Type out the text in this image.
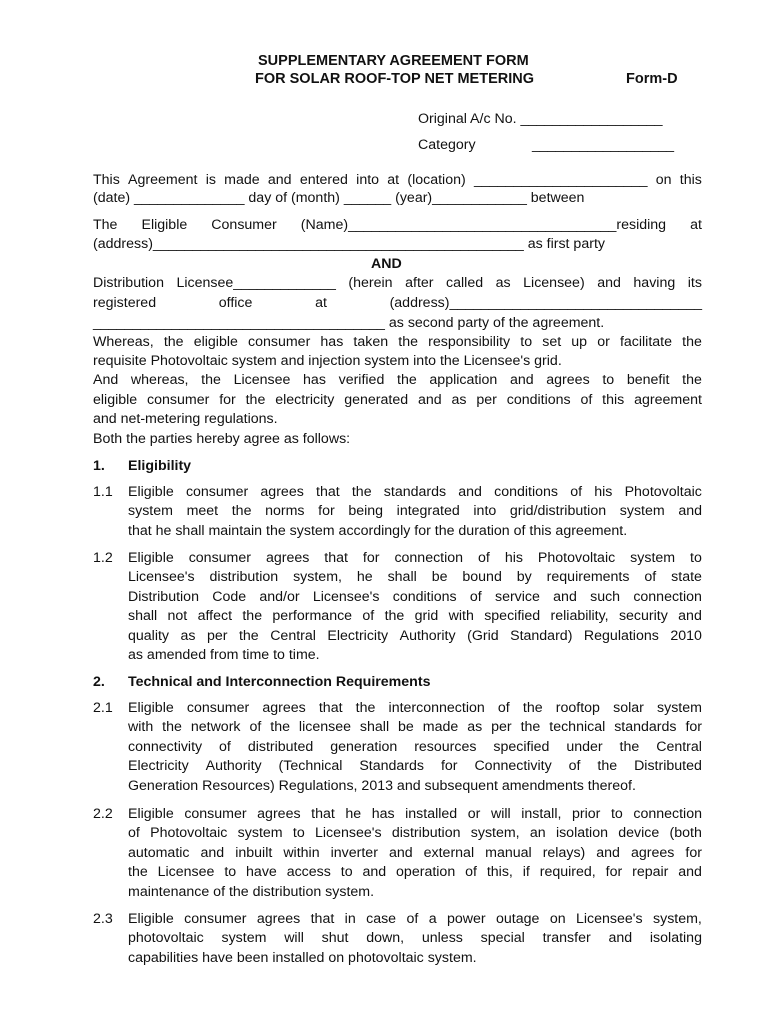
SUPPLEMENTARY AGREEMENT FORM
FOR SOLAR ROOF-TOP NET METERING	Form-D
Original A/c No. __________________
Category	__________________
This Agreement is made and entered into at (location) ______________________ on this
(date) ______________ day of (month) ______ (year)____________ between
The Eligible Consumer (Name)__________________________________residing at
(address)_______________________________________________ as first party
AND
Distribution Licensee_____________ (herein after called as Licensee) and having its
registered	office	at	(address)________________________________
_____________________________________ as second party of the agreement.
Whereas, the eligible consumer has taken the responsibility to set up or facilitate the
requisite Photovoltaic system and injection system into the Licensee's grid.
And whereas, the Licensee has verified the application and agrees to benefit the
eligible consumer for the electricity generated and as per conditions of this agreement
and net-metering regulations.
Both the parties hereby agree as follows:
1. Eligibility
1.1 Eligible consumer agrees that the standards and conditions of his Photovoltaic
system meet the norms for being integrated into grid/distribution system and
that he shall maintain the system accordingly for the duration of this agreement.
1.2 Eligible consumer agrees that for connection of his Photovoltaic system to
Licensee's distribution system, he shall be bound by requirements of state
Distribution Code and/or Licensee's conditions of service and such connection
shall not affect the performance of the grid with specified reliability, security and
quality as per the Central Electricity Authority (Grid Standard) Regulations 2010
as amended from time to time.
2. Technical and Interconnection Requirements
2.1 Eligible consumer agrees that the interconnection of the rooftop solar system
with the network of the licensee shall be made as per the technical standards for
connectivity of distributed generation resources specified under the Central
Electricity Authority (Technical Standards for Connectivity of the Distributed
Generation Resources) Regulations, 2013 and subsequent amendments thereof.
2.2 Eligible consumer agrees that he has installed or will install, prior to connection
of Photovoltaic system to Licensee's distribution system, an isolation device (both
automatic and inbuilt within inverter and external manual relays) and agrees for
the Licensee to have access to and operation of this, if required, for repair and
maintenance of the distribution system.
2.3 Eligible consumer agrees that in case of a power outage on Licensee's system,
photovoltaic system will shut down, unless special transfer and isolating
capabilities have been installed on photovoltaic system.
